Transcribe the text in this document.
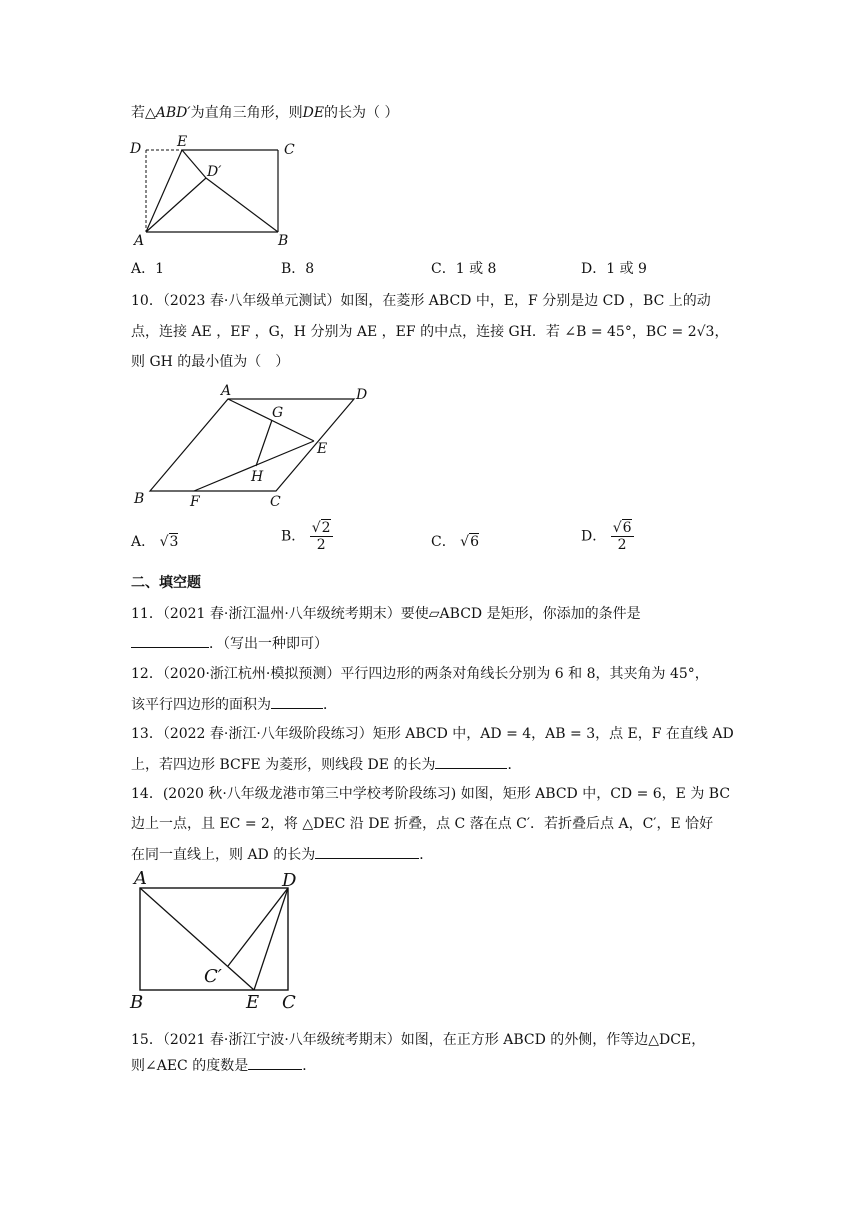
若△ABD′为直角三角形，则DE的长为（ ）
D	E	C
D′
A	B
A．1	B．8	C．1 或 8	D．1 或 9
10．（2023 春·八年级单元测试）如图，在菱形 ABCD 中，E，F 分别是边 CD ，BC 上的动
点，连接 AE ，EF ，G，H 分别为 AE ，EF 的中点，连接 GH．若 ∠B = 45°，BC = 2√3，
则 GH 的最小值为（　）
A	D
G
E
H
B	F	C
A． √3	B． $\frac{√2}{2}$	C． √6	D． $\frac{√6}{2}$
二、填空题
11．（2021 春·浙江温州·八年级统考期末）要使▱ABCD 是矩形，你添加的条件是
．（写出一种即可）
12．（2020·浙江杭州·模拟预测）平行四边形的两条对角线长分别为 6 和 8，其夹角为 45°，
该平行四边形的面积为	．
13．（2022 春·浙江·八年级阶段练习）矩形 ABCD 中，AD = 4，AB = 3，点 E，F 在直线 AD
上，若四边形 BCFE 为菱形，则线段 DE 的长为	．
14．(2020 秋·八年级龙港市第三中学校考阶段练习) 如图，矩形 ABCD 中，CD = 6，E 为 BC
边上一点，且 EC = 2，将 △DEC 沿 DE 折叠，点 C 落在点 C′．若折叠后点 A，C′，E 恰好
在同一直线上，则 AD 的长为	．
A	D
C′
B	E C
15．（2021 春·浙江宁波·八年级统考期末）如图，在正方形 ABCD 的外侧，作等边△DCE，
则∠AEC 的度数是	．
